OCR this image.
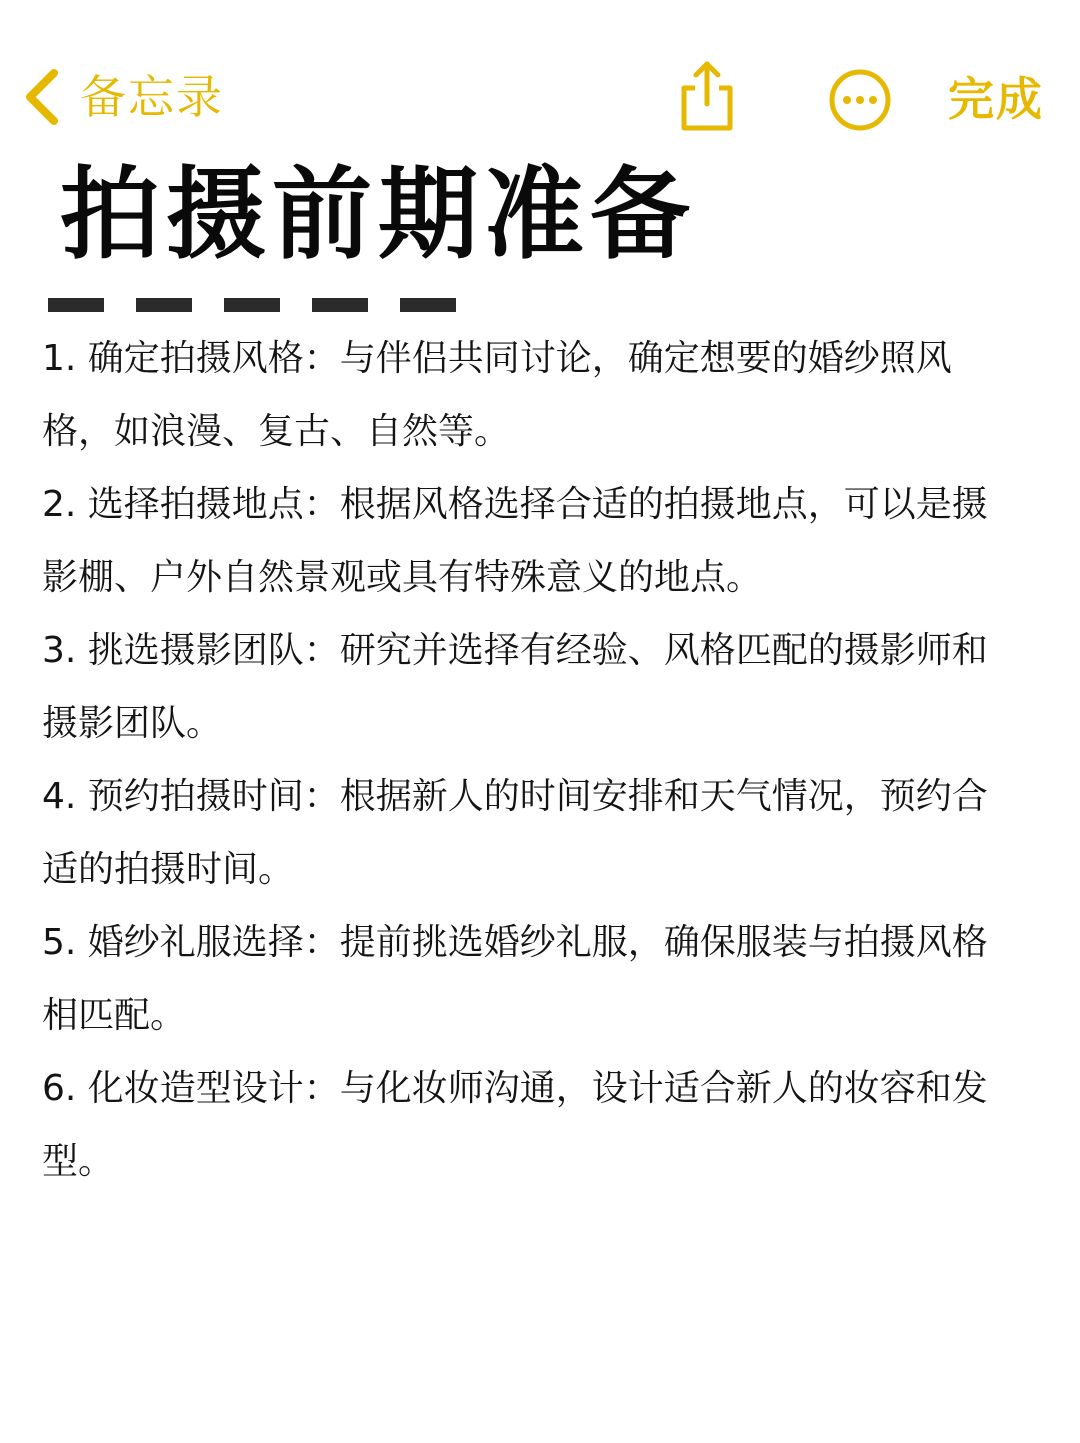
备忘录	完成
拍摄前期准备

1. 确定拍摄风格：与伴侣共同讨论，确定想要的婚纱照风格，如浪漫、复古、自然等。

2. 选择拍摄地点：根据风格选择合适的拍摄地点，可以是摄影棚、户外自然景观或具有特殊意义的地点。

3. 挑选摄影团队：研究并选择有经验、风格匹配的摄影师和摄影团队。

4. 预约拍摄时间：根据新人的时间安排和天气情况，预约合适的拍摄时间。

5. 婚纱礼服选择：提前挑选婚纱礼服，确保服装与拍摄风格相匹配。

6. 化妆造型设计：与化妆师沟通，设计适合新人的妆容和发型。
